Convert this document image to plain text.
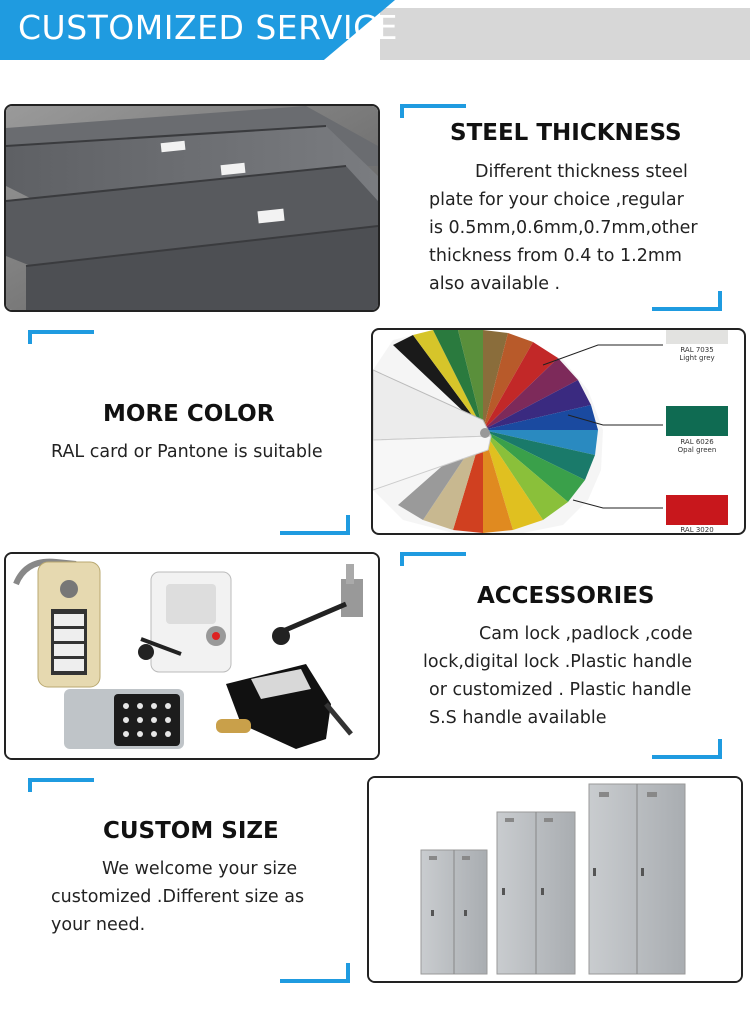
CUSTOMIZED SERVICE
STEEL THICKNESS
Different thickness steel
plate for your choice ,regular
is 0.5mm,0.6mm,0.7mm,other
thickness from 0.4 to 1.2mm
also available .
MORE COLOR
RAL card or Pantone is suitable
RAL 7035
Light grey
RAL 6026
Opal green
RAL 3020
ACCESSORIES
Cam lock ,padlock ,code
lock,digital lock .Plastic handle
or customized . Plastic handle
S.S handle available
CUSTOM SIZE
We welcome your size
customized .Different size as
your need.
